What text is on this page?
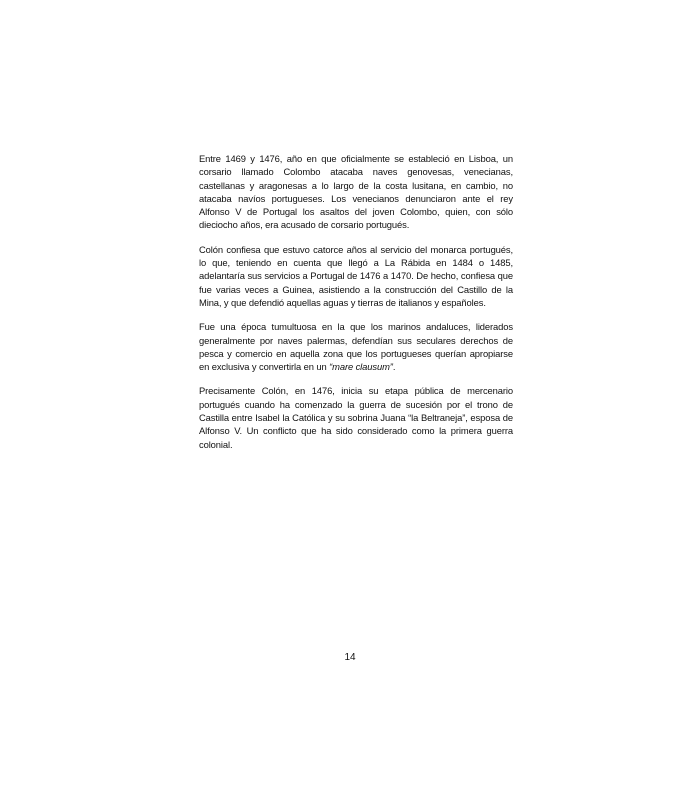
Entre 1469 y 1476, año en que oficialmente se estableció en Lisboa, un corsario llamado Colombo atacaba naves genovesas, venecianas, castellanas y aragonesas a lo largo de la costa lusitana, en cambio, no atacaba navíos portugueses. Los venecianos denunciaron ante el rey Alfonso V de Portugal los asaltos del joven Colombo, quien, con sólo dieciocho años, era acusado de corsario portugués.

Colón confiesa que estuvo catorce años al servicio del monarca portugués, lo que, teniendo en cuenta que llegó a La Rábida en 1484 o 1485, adelantaría sus servicios a Portugal de 1476 a 1470. De hecho, confiesa que fue varias veces a Guinea, asistiendo a la construcción del Castillo de la Mina, y que defendió aquellas aguas y tierras de italianos y españoles.

Fue una época tumultuosa en la que los marinos andaluces, liderados generalmente por naves palermas, defendían sus seculares derechos de pesca y comercio en aquella zona que los portugueses querían apropiarse en exclusiva y convertirla en un “mare clausum”.

Precisamente Colón, en 1476, inicia su etapa pública de mercenario portugués cuando ha comenzado la guerra de sucesión por el trono de Castilla entre Isabel la Católica y su sobrina Juana “la Beltraneja”, esposa de Alfonso V. Un conflicto que ha sido considerado como la primera guerra colonial.

14
